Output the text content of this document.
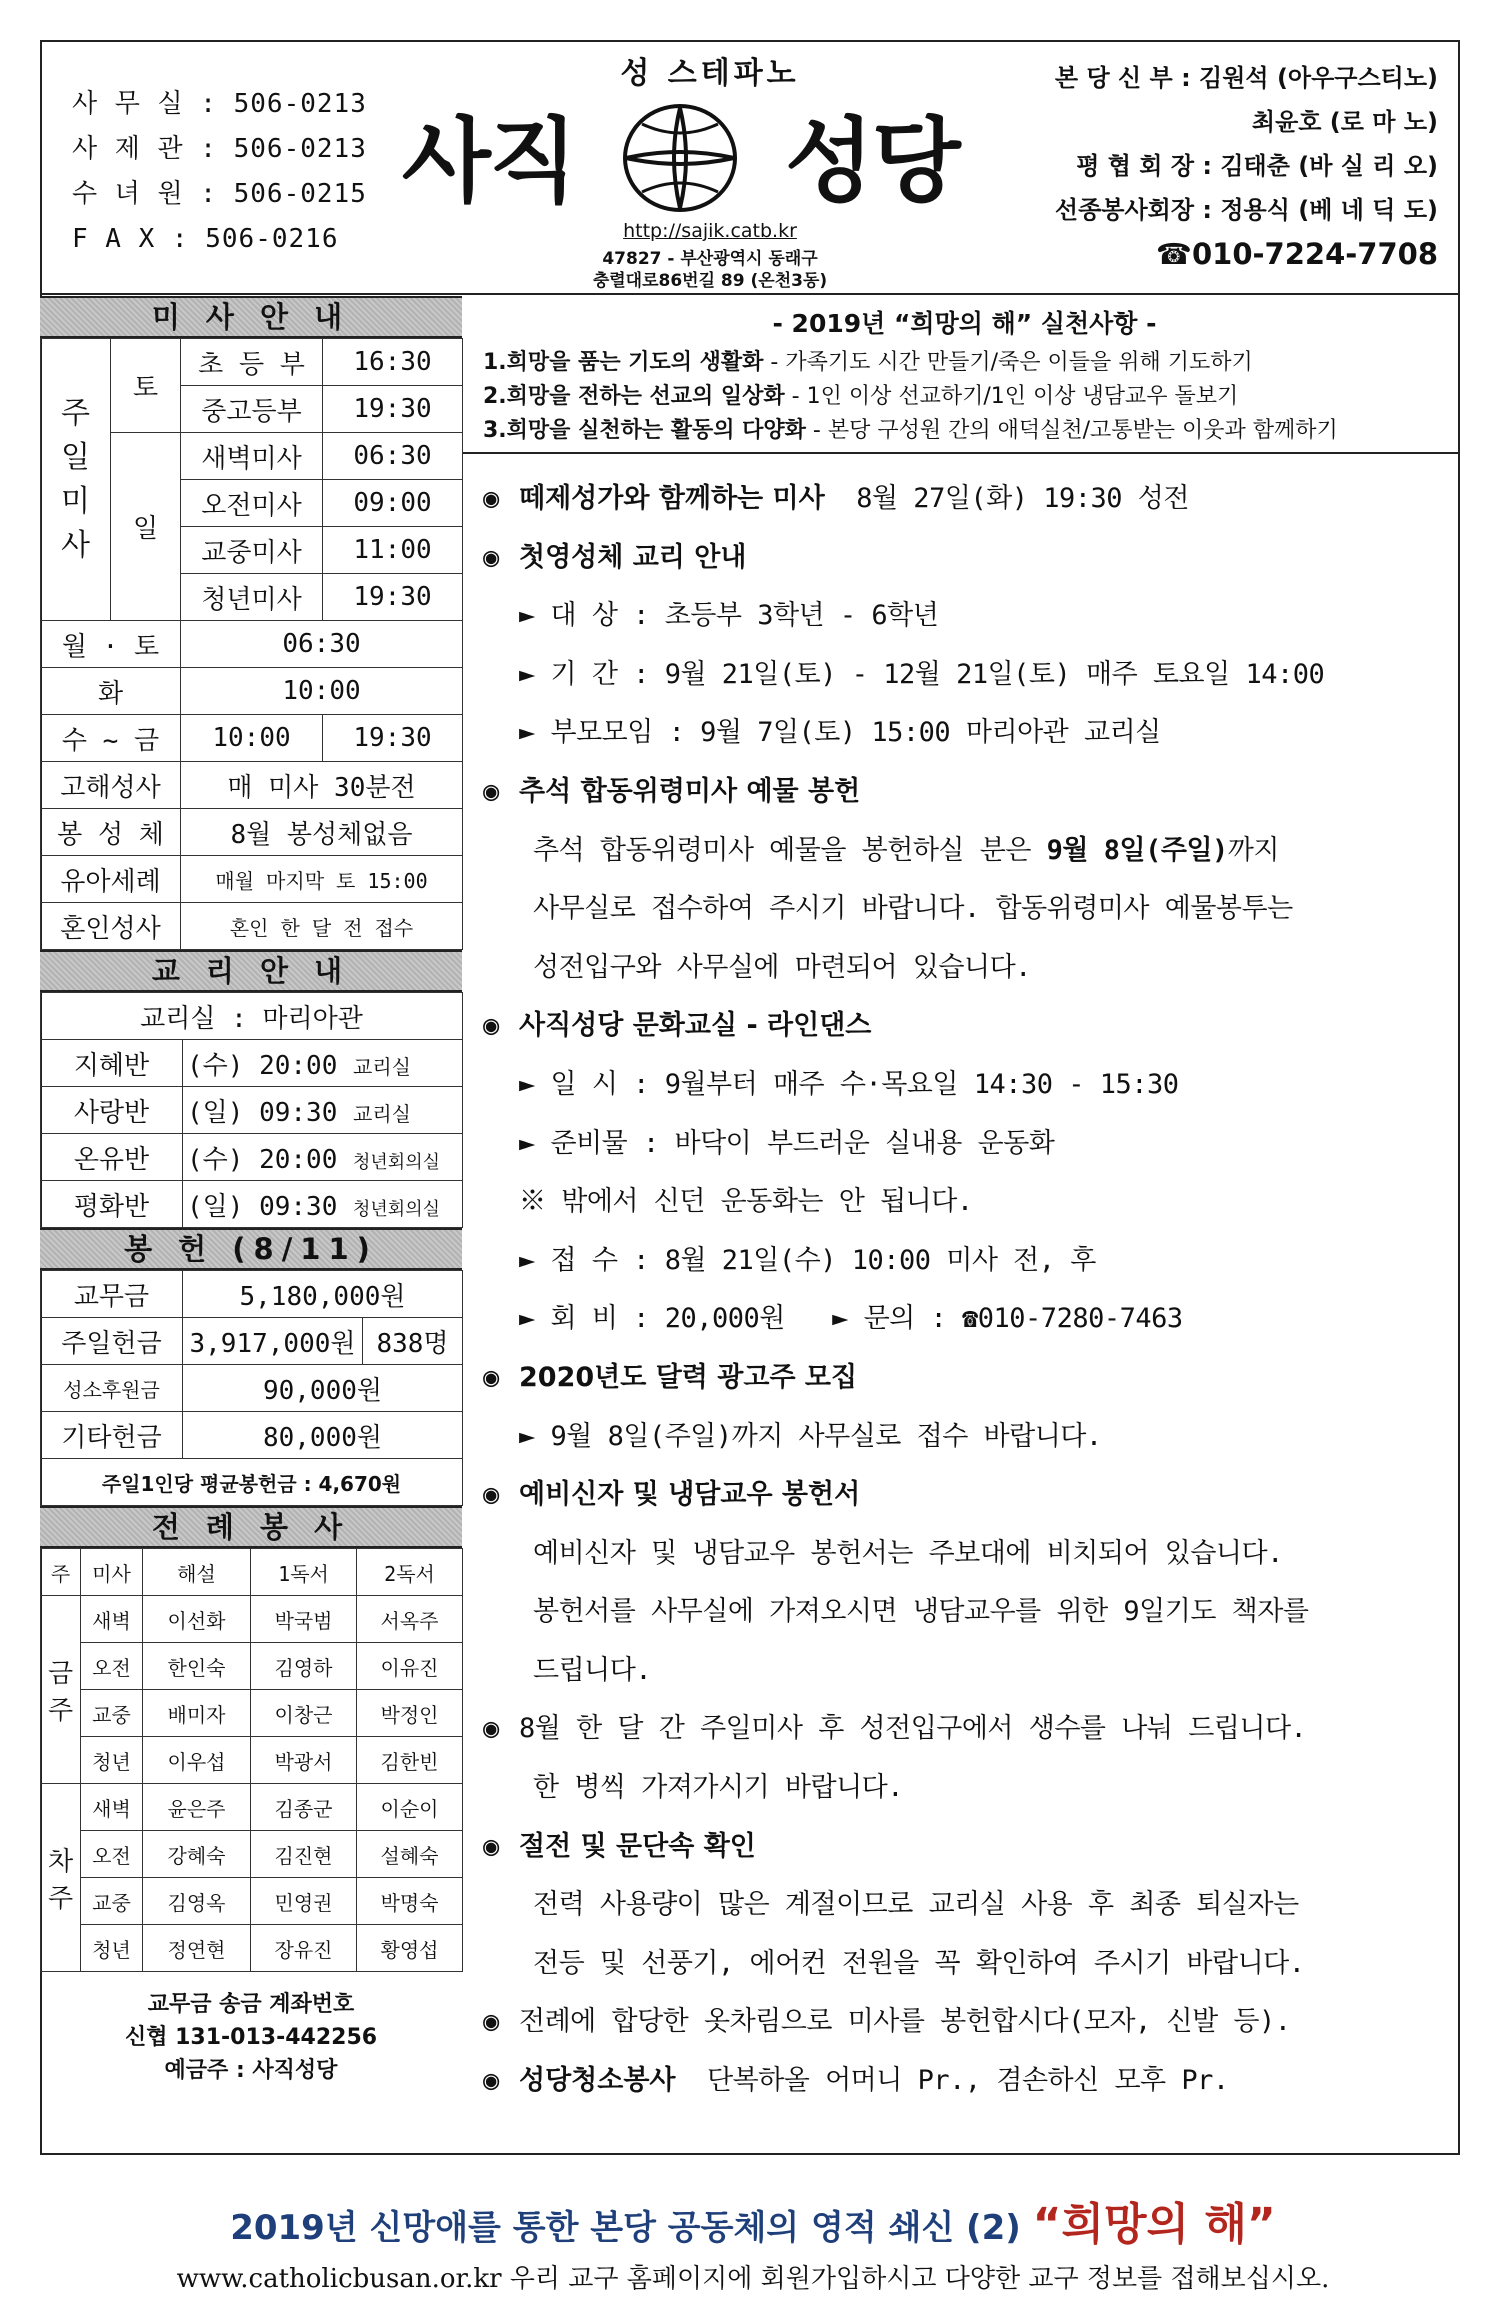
사 무 실 : 506-0213
사 제 관 : 506-0213
수 녀 원 : 506-0215
F A X : 506-0216
성 스테파노
사직 성당
http://sajik.catb.kr
47827 - 부산광역시 동래구
충렬대로86번길 89 (온천3동)
본 당 신 부 : 김원석 (아우구스티노)
최윤호 (로 마 노)
평 협 회 장 : 김태춘 (바 실 리 오)
선종봉사회장 : 정용식 (베 네 딕 도)
☎010-7224-7708
미 사 안 내
주일미사	토	초 등 부	16:30
		중고등부	19:30
	일	새벽미사	06:30
		오전미사	09:00
		교중미사	11:00
		청년미사	19:30
월 · 토		06:30	
화		10:00	
수 ~ 금		10:00	19:30
고해성사		매 미사 30분전	
봉 성 체		8월 봉성체없음	
유아세례		매월 마지막 토 15:00	
혼인성사		혼인 한 달 전 접수	
교 리 안 내
교리실 : 마리아관	
지혜반	(수) 20:00 교리실
사랑반	(일) 09:30 교리실
온유반	(수) 20:00 청년회의실
평화반	(일) 09:30 청년회의실
봉 헌 (8/11)
교무금	5,180,000원	
주일헌금	3,917,000원	838명
성소후원금	90,000원	
기타헌금	80,000원	
주일1인당 평균봉헌금 : 4,670원		
전 례 봉 사
주	미사	해설	1독서	2독서
금주	새벽	이선화	박국범	서옥주
	오전	한인숙	김영하	이유진
	교중	배미자	이창근	박정인
	청년	이우섭	박광서	김한빈
차주	새벽	윤은주	김종군	이순이
	오전	강혜숙	김진현	설혜숙
	교중	김영옥	민영권	박명숙
	청년	정연현	장유진	황영섭
교무금 송금 계좌번호
신협 131-013-442256
예금주 : 사직성당
- 2019년 “희망의 해” 실천사항 -

1.희망을 품는 기도의 생활화 - 가족기도 시간 만들기/죽은 이들을 위해 기도하기

2.희망을 전하는 선교의 일상화 - 1인 이상 선교하기/1인 이상 냉담교우 돌보기

3.희망을 실천하는 활동의 다양화 - 본당 구성원 간의 애덕실천/고통받는 이웃과 함께하기

◉ 떼제성가와 함께하는 미사 8월 27일(화) 19:30 성전
◉ 첫영성체 교리 안내
► 대 상 : 초등부 3학년 - 6학년
► 기 간 : 9월 21일(토) - 12월 21일(토) 매주 토요일 14:00
► 부모모임 : 9월 7일(토) 15:00 마리아관 교리실
◉ 추석 합동위령미사 예물 봉헌
추석 합동위령미사 예물을 봉헌하실 분은 9월 8일(주일)까지
사무실로 접수하여 주시기 바랍니다. 합동위령미사 예물봉투는
성전입구와 사무실에 마련되어 있습니다.
◉ 사직성당 문화교실 - 라인댄스
► 일 시 : 9월부터 매주 수·목요일 14:30 - 15:30
► 준비물 : 바닥이 부드러운 실내용 운동화
※ 밖에서 신던 운동화는 안 됩니다.
► 접 수 : 8월 21일(수) 10:00 미사 전, 후
► 회 비 : 20,000원 ► 문의 : ☎010-7280-7463
◉ 2020년도 달력 광고주 모집
► 9월 8일(주일)까지 사무실로 접수 바랍니다.
◉ 예비신자 및 냉담교우 봉헌서
예비신자 및 냉담교우 봉헌서는 주보대에 비치되어 있습니다.
봉헌서를 사무실에 가져오시면 냉담교우를 위한 9일기도 책자를
드립니다.
◉ 8월 한 달 간 주일미사 후 성전입구에서 생수를 나눠 드립니다.
한 병씩 가져가시기 바랍니다.
◉ 절전 및 문단속 확인
전력 사용량이 많은 계절이므로 교리실 사용 후 최종 퇴실자는
전등 및 선풍기, 에어컨 전원을 꼭 확인하여 주시기 바랍니다.
◉ 전례에 합당한 옷차림으로 미사를 봉헌합시다(모자, 신발 등).
◉ 성당청소봉사 단복하올 어머니 Pr., 겸손하신 모후 Pr.
2019년 신망애를 통한 본당 공동체의 영적 쇄신 (2) “희망의 해”
www.catholicbusan.or.kr 우리 교구 홈페이지에 회원가입하시고 다양한 교구 정보를 접해보십시오.
